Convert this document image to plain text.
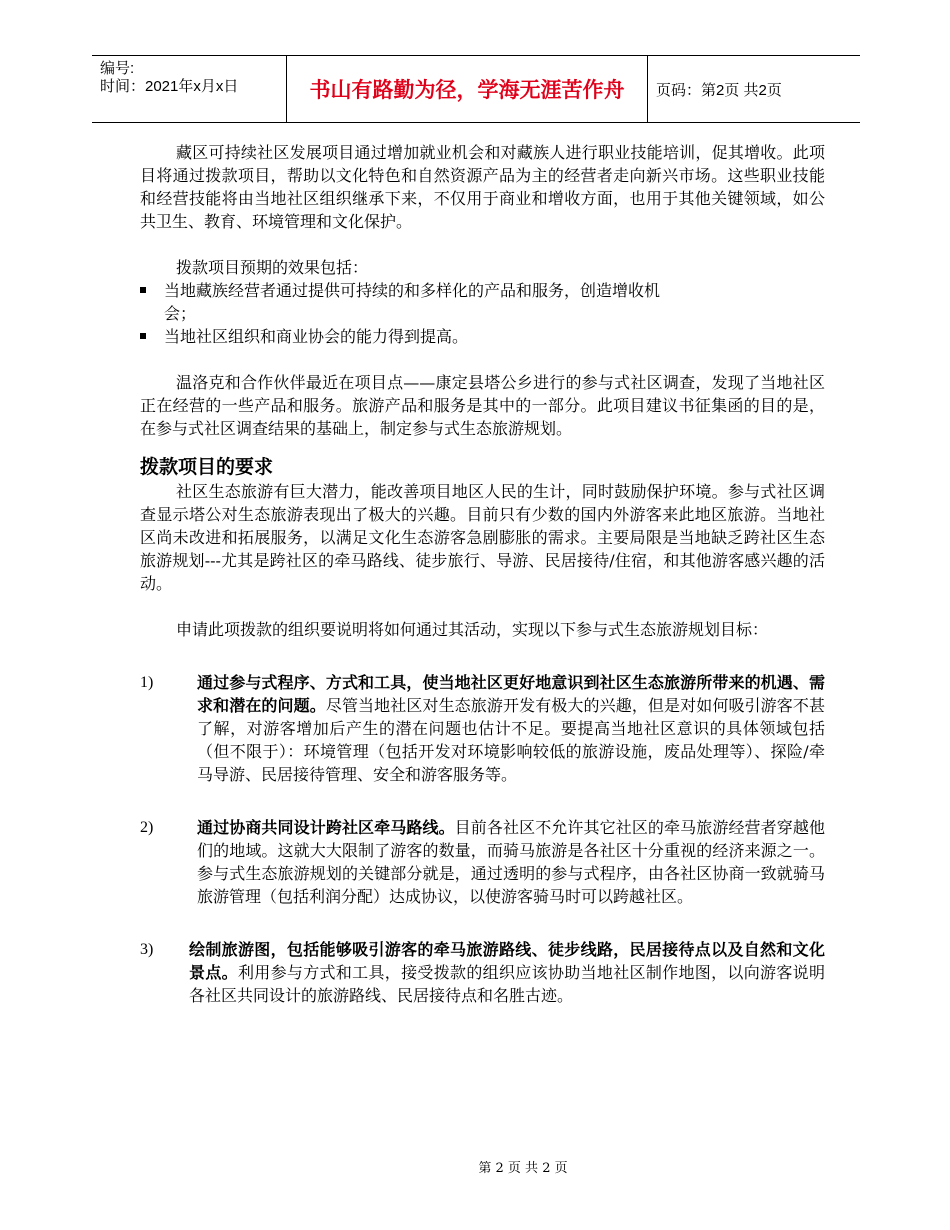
编号:
时间：2021年x月x日	书山有路勤为径，学海无涯苦作舟	页码：第2页 共2页

藏区可持续社区发展项目通过增加就业机会和对藏族人进行职业技能培训，促其增收。此项目将通过拨款项目，帮助以文化特色和自然资源产品为主的经营者走向新兴市场。这些职业技能和经营技能将由当地社区组织继承下来，不仅用于商业和增收方面，也用于其他关键领域，如公共卫生、教育、环境管理和文化保护。

拨款项目预期的效果包括：

当地藏族经营者通过提供可持续的和多样化的产品和服务，创造增收机会；
当地社区组织和商业协会的能力得到提高。

温洛克和合作伙伴最近在项目点——康定县塔公乡进行的参与式社区调查，发现了当地社区正在经营的一些产品和服务。旅游产品和服务是其中的一部分。此项目建议书征集函的目的是，在参与式社区调查结果的基础上，制定参与式生态旅游规划。

拨款项目的要求

社区生态旅游有巨大潜力，能改善项目地区人民的生计，同时鼓励保护环境。参与式社区调查显示塔公对生态旅游表现出了极大的兴趣。目前只有少数的国内外游客来此地区旅游。当地社区尚未改进和拓展服务，以满足文化生态游客急剧膨胀的需求。主要局限是当地缺乏跨社区生态旅游规划---尤其是跨社区的牵马路线、徒步旅行、导游、民居接待/住宿，和其他游客感兴趣的活动。

申请此项拨款的组织要说明将如何通过其活动，实现以下参与式生态旅游规划目标：

1)	通过参与式程序、方式和工具，使当地社区更好地意识到社区生态旅游所带来的机遇、需求和潜在的问题。尽管当地社区对生态旅游开发有极大的兴趣，但是对如何吸引游客不甚了解，对游客增加后产生的潜在问题也估计不足。要提高当地社区意识的具体领域包括（但不限于）：环境管理（包括开发对环境影响较低的旅游设施，废品处理等）、探险/牵马导游、民居接待管理、安全和游客服务等。
2)	通过协商共同设计跨社区牵马路线。目前各社区不允许其它社区的牵马旅游经营者穿越他们的地域。这就大大限制了游客的数量，而骑马旅游是各社区十分重视的经济来源之一。参与式生态旅游规划的关键部分就是，通过透明的参与式程序，由各社区协商一致就骑马旅游管理（包括利润分配）达成协议，以使游客骑马时可以跨越社区。
3) 绘制旅游图，包括能够吸引游客的牵马旅游路线、徒步线路，民居接待点以及自然和文化景点。利用参与方式和工具，接受拨款的组织应该协助当地社区制作地图，以向游客说明各社区共同设计的旅游路线、民居接待点和名胜古迹。
第 2 页 共 2 页
